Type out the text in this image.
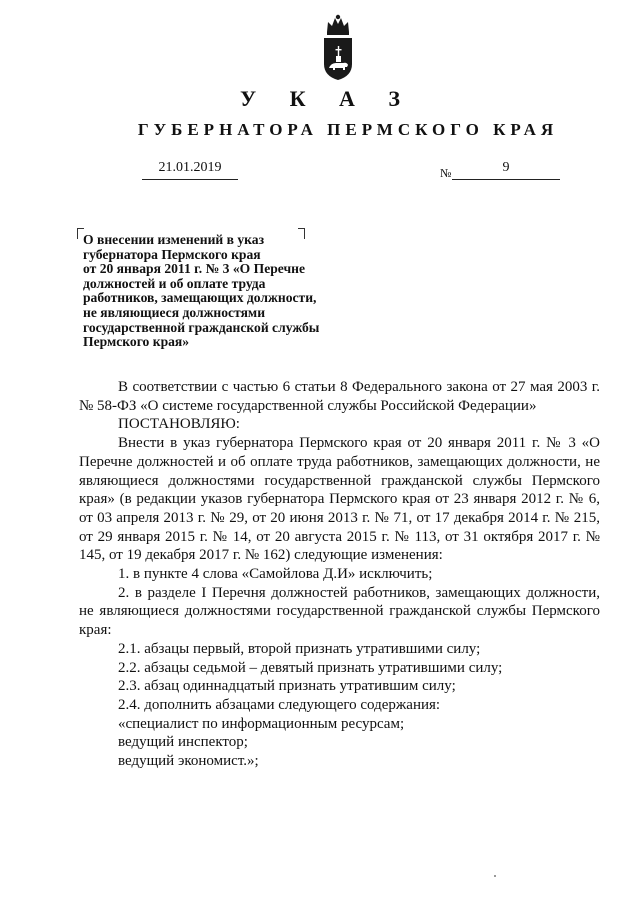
У К А З
ГУБЕРНАТОРА ПЕРМСКОГО КРАЯ
21.01.2019	№	9
О внесении изменений в указ
губернатора Пермского края
от 20 января 2011 г. № 3 «О Перечне
должностей и об оплате труда
работников, замещающих должности,
не являющиеся должностями
государственной гражданской службы
Пермского края»

В соответствии с частью 6 статьи 8 Федерального закона от 27 мая 2003 г. № 58-ФЗ «О системе государственной службы Российской Федерации»

ПОСТАНОВЛЯЮ:

Внести в указ губернатора Пермского края от 20 января 2011 г. № 3 «О Перечне должностей и об оплате труда работников, замещающих должности, не являющиеся должностями государственной гражданской службы Пермского края» (в редакции указов губернатора Пермского края от 23 января 2012 г. № 6, от 03 апреля 2013 г. № 29, от 20 июня 2013 г. № 71, от 17 декабря 2014 г. № 215, от 29 января 2015 г. № 14, от 20 августа 2015 г. № 113, от 31 октября 2017 г. № 145, от 19 декабря 2017 г. № 162) следующие изменения:

1. в пункте 4 слова «Самойлова Д.И» исключить;

2. в разделе I Перечня должностей работников, замещающих должности, не являющиеся должностями государственной гражданской службы Пермского края:

2.1. абзацы первый, второй признать утратившими силу;

2.2. абзацы седьмой – девятый признать утратившими силу;

2.3. абзац одиннадцатый признать утратившим силу;

2.4. дополнить абзацами следующего содержания:

«специалист по информационным ресурсам;

ведущий инспектор;

ведущий экономист.»;
